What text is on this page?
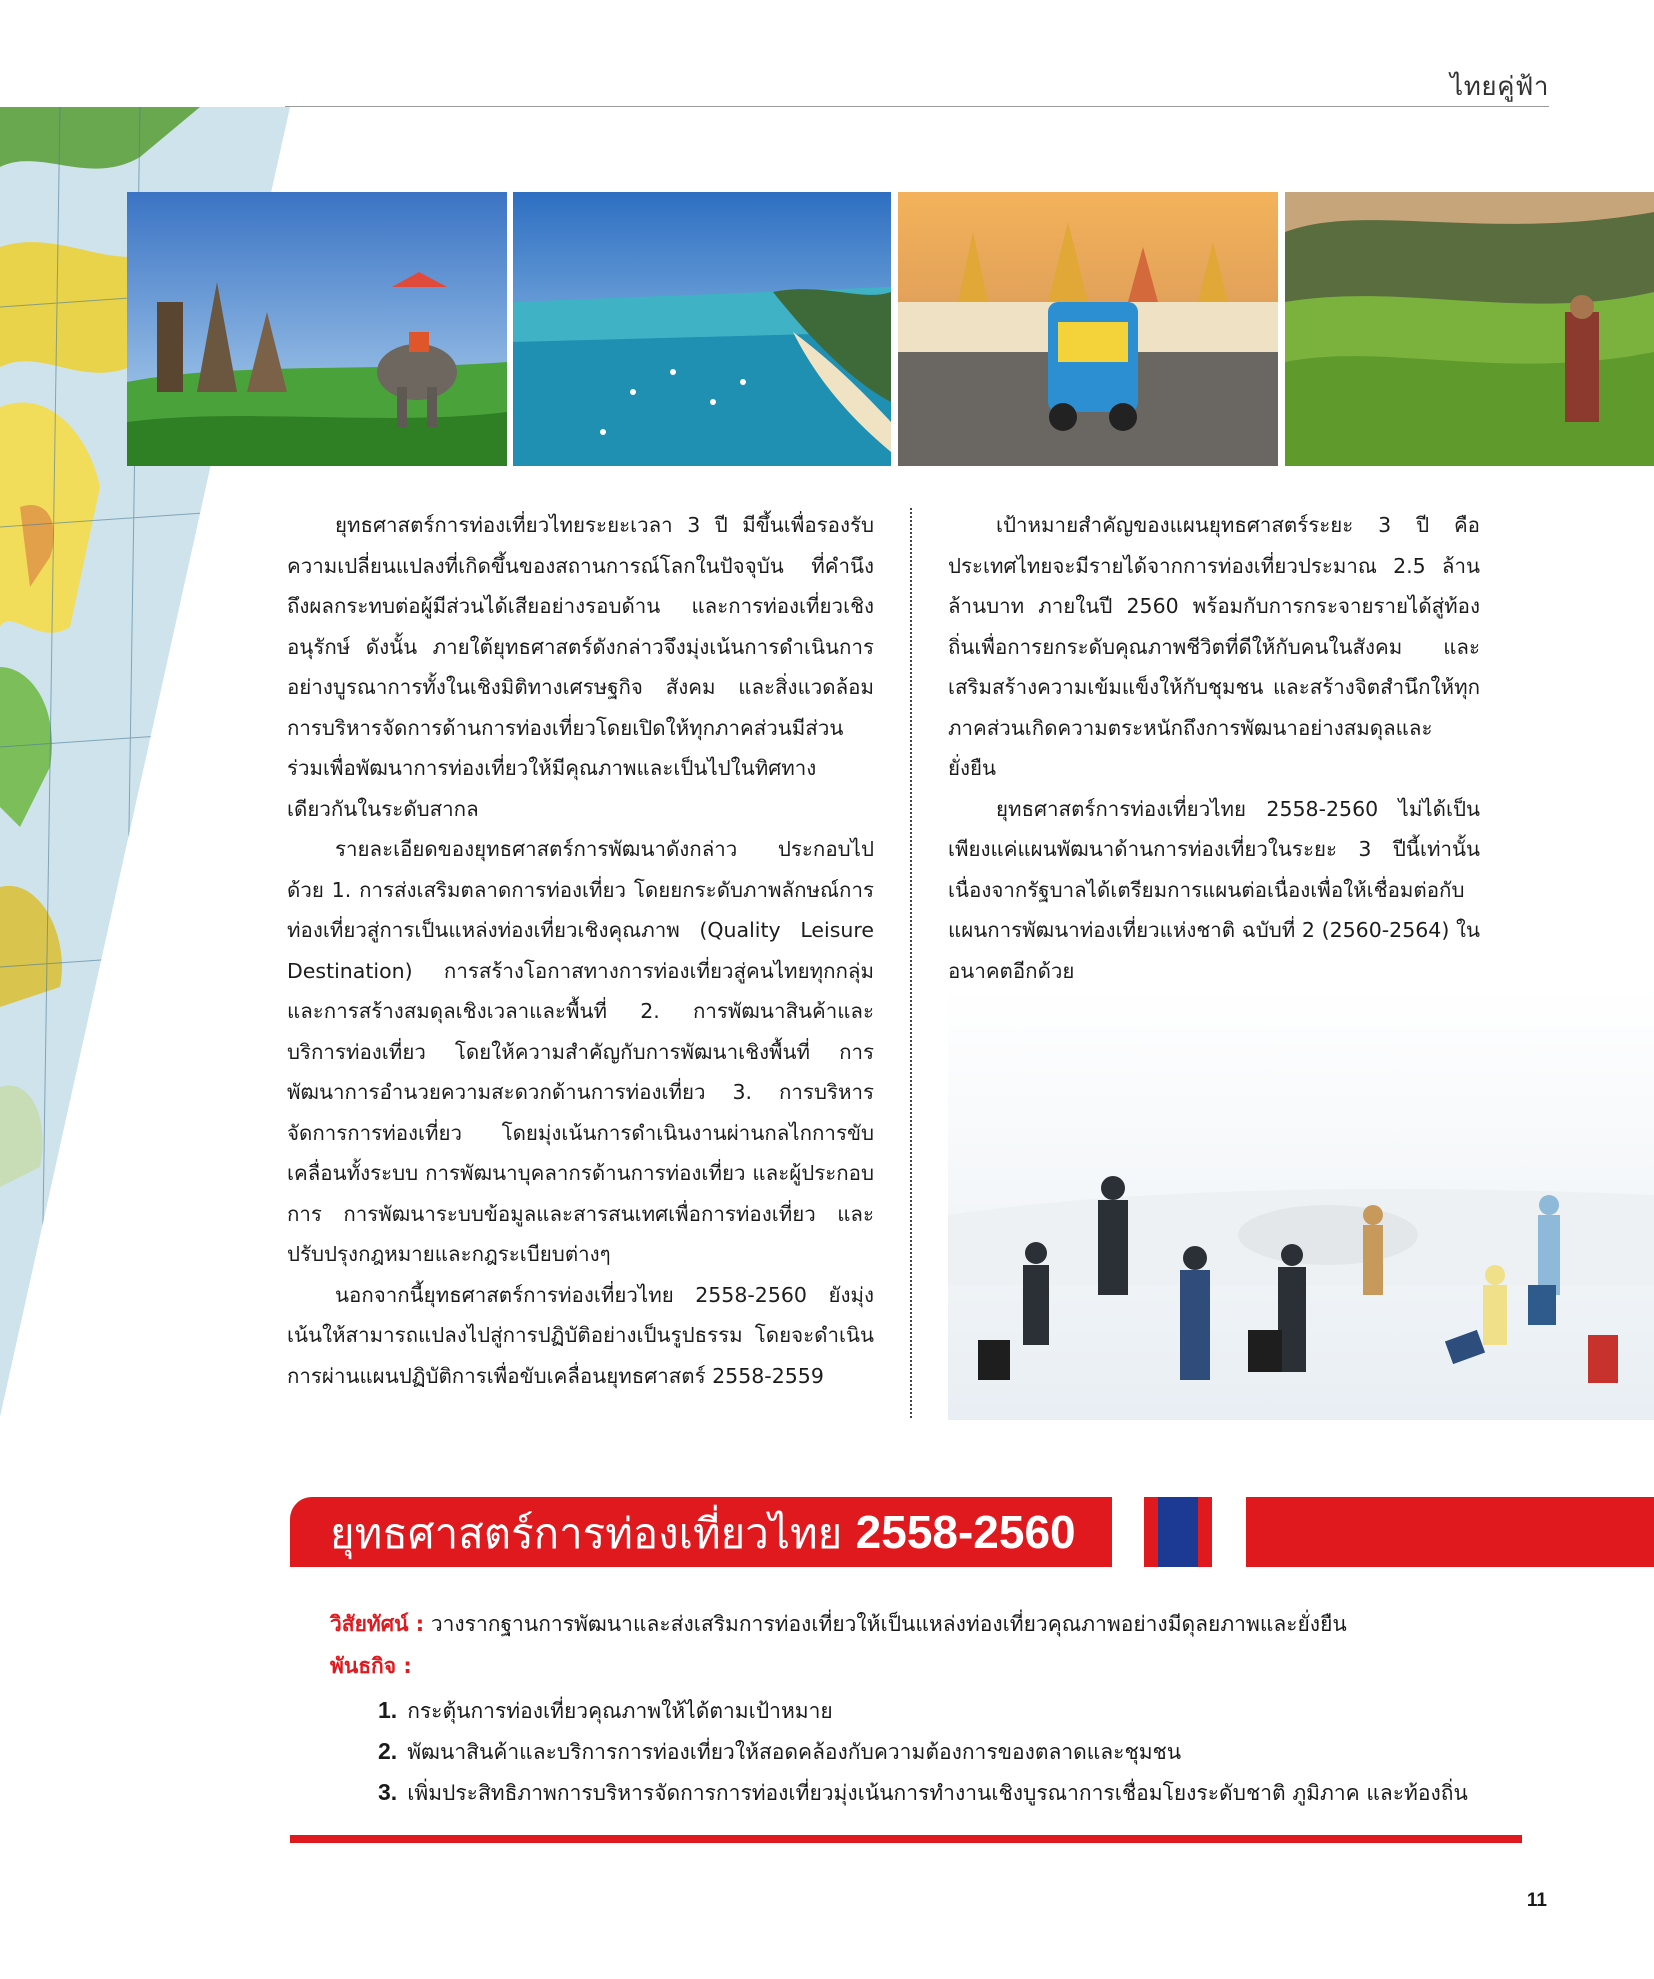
ไทยคู่ฟ้า

ยุทธศาสตร์การท่องเที่ยวไทยระยะเวลา 3 ปี มีขึ้นเพื่อรองรับความเปลี่ยนแปลงที่เกิดขึ้นของสถานการณ์โลกในปัจจุบัน ที่คำนึงถึงผลกระทบต่อผู้มีส่วนได้เสียอย่างรอบด้าน และการท่องเที่ยวเชิงอนุรักษ์ ดังนั้น ภายใต้ยุทธศาสตร์ดังกล่าวจึงมุ่งเน้นการดำเนินการอย่างบูรณาการทั้งในเชิงมิติทางเศรษฐกิจ สังคม และสิ่งแวดล้อม การบริหารจัดการด้านการท่องเที่ยวโดยเปิดให้ทุกภาคส่วนมีส่วนร่วมเพื่อพัฒนาการท่องเที่ยวให้มีคุณภาพและเป็นไปในทิศทางเดียวกันในระดับสากล

รายละเอียดของยุทธศาสตร์การพัฒนาดังกล่าว ประกอบไปด้วย 1. การส่งเสริมตลาดการท่องเที่ยว โดยยกระดับภาพลักษณ์การท่องเที่ยวสู่การเป็นแหล่งท่องเที่ยวเชิงคุณภาพ (Quality Leisure Destination) การสร้างโอกาสทางการท่องเที่ยวสู่คนไทยทุกกลุ่ม และการสร้างสมดุลเชิงเวลาและพื้นที่ 2. การพัฒนาสินค้าและบริการท่องเที่ยว โดยให้ความสำคัญกับการพัฒนาเชิงพื้นที่ การพัฒนาการอำนวยความสะดวกด้านการท่องเที่ยว 3. การบริหารจัดการการท่องเที่ยว โดยมุ่งเน้นการดำเนินงานผ่านกลไกการขับเคลื่อนทั้งระบบ การพัฒนาบุคลากรด้านการท่องเที่ยว และผู้ประกอบการ การพัฒนาระบบข้อมูลและสารสนเทศเพื่อการท่องเที่ยว และปรับปรุงกฎหมายและกฎระเบียบต่างๆ

นอกจากนี้ยุทธศาสตร์การท่องเที่ยวไทย 2558-2560 ยังมุ่งเน้นให้สามารถแปลงไปสู่การปฏิบัติอย่างเป็นรูปธรรม โดยจะดำเนินการผ่านแผนปฏิบัติการเพื่อขับเคลื่อนยุทธศาสตร์ 2558-2559

เป้าหมายสำคัญของแผนยุทธศาสตร์ระยะ 3 ปี คือประเทศไทยจะมีรายได้จากการท่องเที่ยวประมาณ 2.5 ล้านล้านบาท ภายในปี 2560 พร้อมกับการกระจายรายได้สู่ท้องถิ่นเพื่อการยกระดับคุณภาพชีวิตที่ดีให้กับคนในสังคม และเสริมสร้างความเข้มแข็งให้กับชุมชน และสร้างจิตสำนึกให้ทุกภาคส่วนเกิดความตระหนักถึงการพัฒนาอย่างสมดุลและยั่งยืน

ยุทธศาสตร์การท่องเที่ยวไทย 2558-2560 ไม่ได้เป็นเพียงแค่แผนพัฒนาด้านการท่องเที่ยวในระยะ 3 ปีนี้เท่านั้น เนื่องจากรัฐบาลได้เตรียมการแผนต่อเนื่องเพื่อให้เชื่อมต่อกับแผนการพัฒนาท่องเที่ยวแห่งชาติ ฉบับที่ 2 (2560-2564) ในอนาคตอีกด้วย

ยุทธศาสตร์การท่องเที่ยวไทย 2558-2560
วิสัยทัศน์ : วางรากฐานการพัฒนาและส่งเสริมการท่องเที่ยวให้เป็นแหล่งท่องเที่ยวคุณภาพอย่างมีดุลยภาพและยั่งยืน
พันธกิจ :
1. กระตุ้นการท่องเที่ยวคุณภาพให้ได้ตามเป้าหมาย
2. พัฒนาสินค้าและบริการการท่องเที่ยวให้สอดคล้องกับความต้องการของตลาดและชุมชน
3. เพิ่มประสิทธิภาพการบริหารจัดการการท่องเที่ยวมุ่งเน้นการทำงานเชิงบูรณาการเชื่อมโยงระดับชาติ ภูมิภาค และท้องถิ่น
11
